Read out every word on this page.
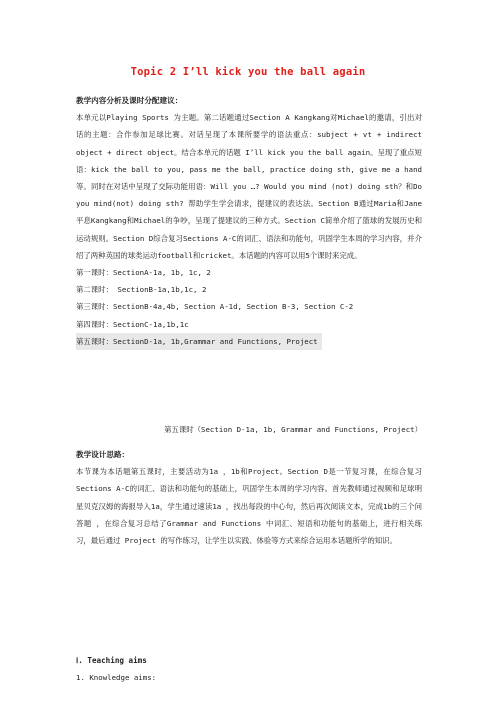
Topic 2 I’ll kick you the ball again

教学内容分析及课时分配建议：

本单元以Playing Sports 为主题。第二话题通过Section A Kangkang对Michael的邀请，引出对话的主题：合作参加足球比赛。对话呈现了本课所要学的语法重点：subject + vt + indirect object + direct object。结合本单元的话题 I’ll kick you the ball again。呈现了重点短语：kick the ball to you, pass me the ball, practice doing sth, give me a hand等。同时在对话中呈现了交际功能用语：Will you …? Would you mind (not) doing sth？和Do you mind(not) doing sth? 帮助学生学会请求，提建议的表达法。Section B通过Maria和Jane平息Kangkang和Michael的争吵，呈现了提建议的三种方式。Section C简单介绍了篮球的发展历史和运动规则。Section D综合复习Sections A-C的词汇、语法和功能句，巩固学生本周的学习内容，并介绍了两种英国的球类运动football和cricket。本话题的内容可以用5个课时来完成。

第一课时：SectionA-1a, 1b, 1c, 2

第二课时： SectionB-1a,1b,1c, 2

第三课时：SectionB-4a,4b, Section A-1d, Section B-3, Section C-2

第四课时：SectionC-1a,1b,1c

第五课时：SectionD-1a, 1b,Grammar and Functions, Project

第五课时（Section D-1a, 1b, Grammar and Functions, Project）

教学设计思路：

本节课为本话题第五课时，主要活动为1a ，1b和Project。Section D是一节复习课，在综合复习Sections A-C的词汇、语法和功能句的基础上，巩固学生本周的学习内容。首先教师通过视频和足球明星贝克汉姆的海报导入1a，学生通过速读1a ，找出每段的中心句，然后再次阅读文本，完成1b的三个问答题 ，在综合复习总结了Grammar and Functions 中词汇、短语和功能句的基础上，进行相关练习，最后通过 Project 的写作练习，让学生以实践、体验等方式来综合运用本话题所学的知识。

Ⅰ. Teaching aims

1. Knowledge aims:
